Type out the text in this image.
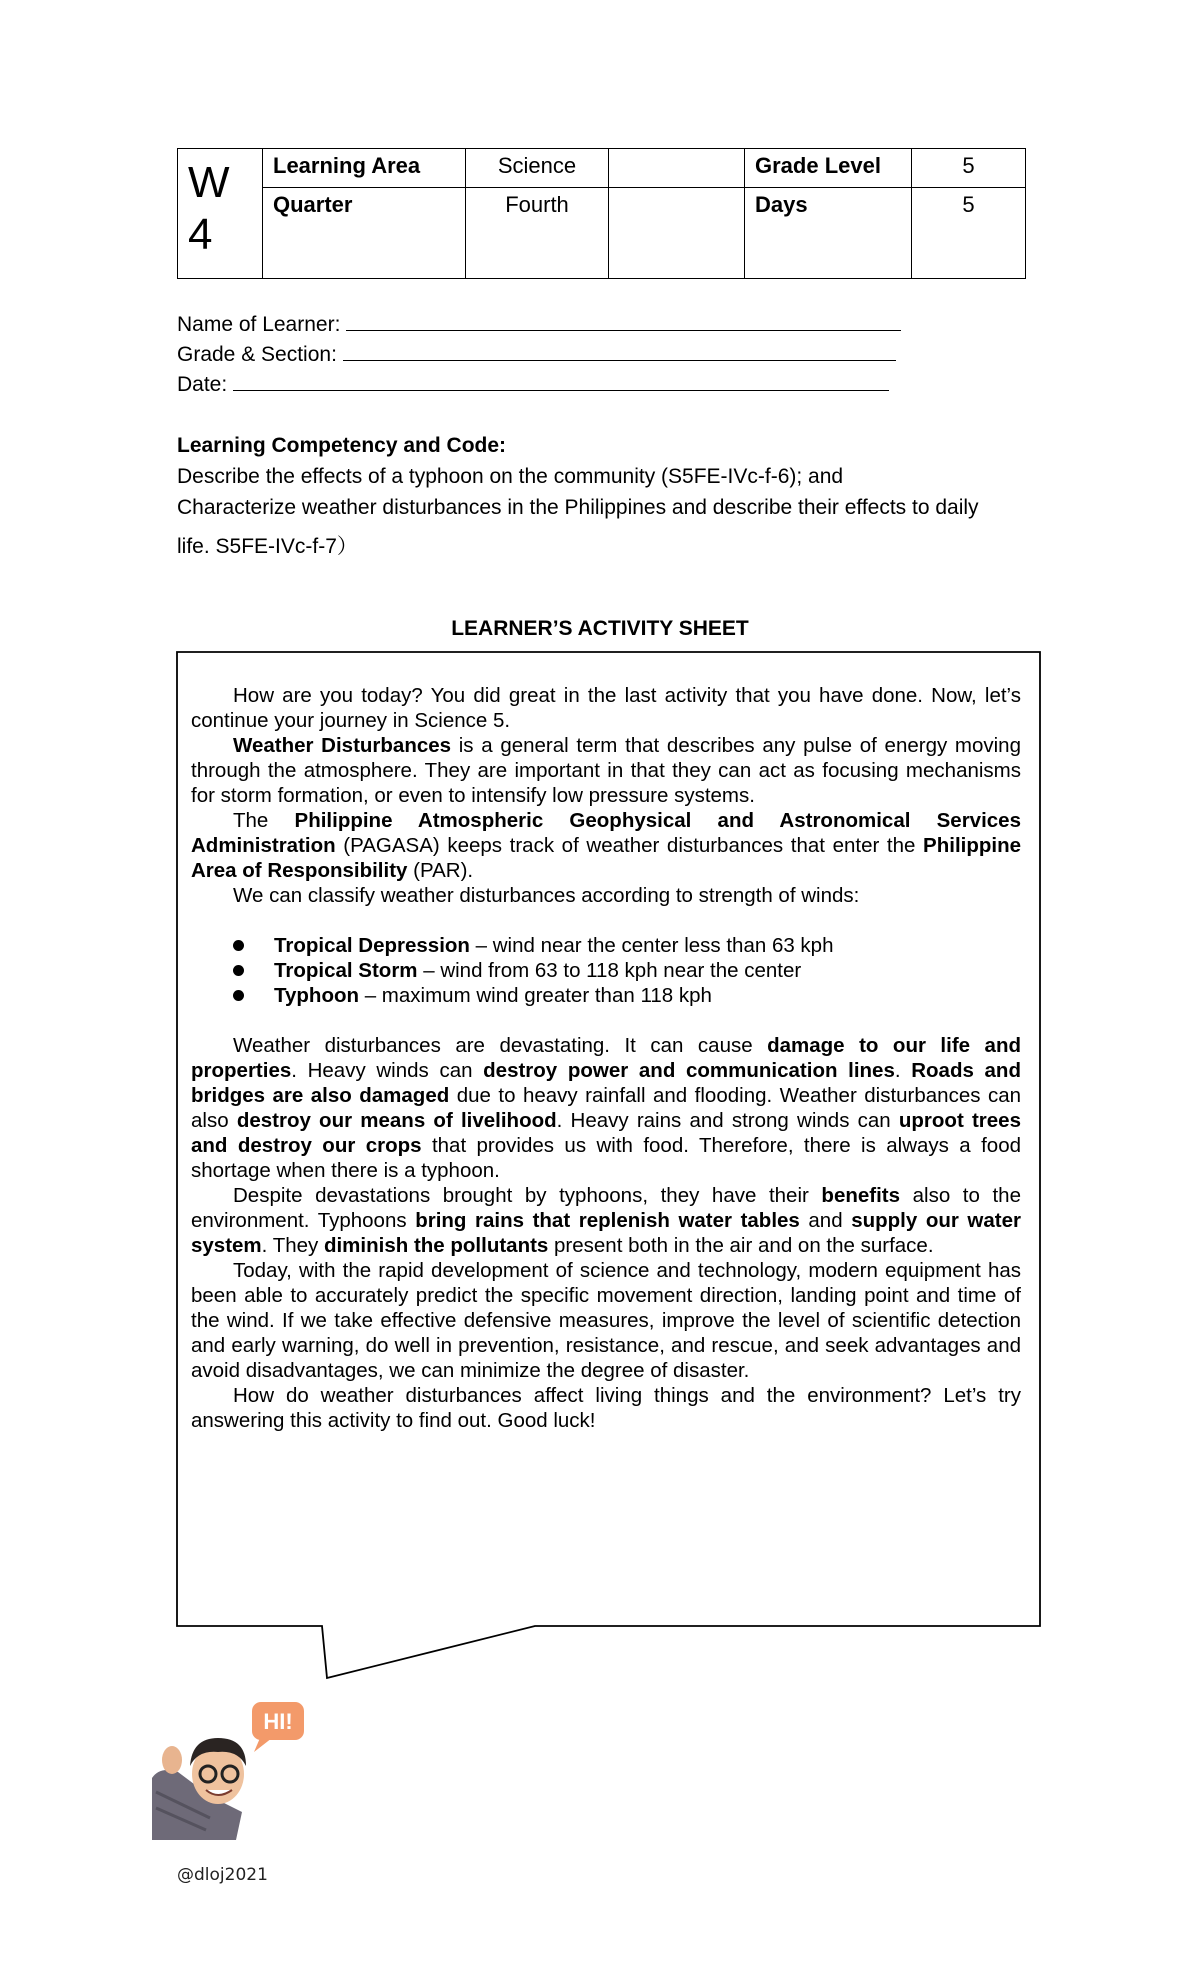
W
4	Learning Area	Science		Grade Level	5
	Quarter	Fourth		Days	5
Name of Learner:
Grade & Section:
Date:
Learning Competency and Code:
Describe the effects of a typhoon on the community (S5FE-IVc-f-6); and
Characterize weather disturbances in the Philippines and describe their effects to daily
life. S5FE-IVc-f-7）
LEARNER’S ACTIVITY SHEET

How are you today? You did great in the last activity that you have done. Now, let’s continue your journey in Science 5.

Weather Disturbances is a general term that describes any pulse of energy moving through the atmosphere. They are important in that they can act as focusing mechanisms for storm formation, or even to intensify low pressure systems.

The Philippine Atmospheric Geophysical and Astronomical Services Administration (PAGASA) keeps track of weather disturbances that enter the Philippine Area of Responsibility (PAR).

We can classify weather disturbances according to strength of winds:

Tropical Depression – wind near the center less than 63 kph
Tropical Storm – wind from 63 to 118 kph near the center
Typhoon – maximum wind greater than 118 kph

Weather disturbances are devastating. It can cause damage to our life and properties. Heavy winds can destroy power and communication lines. Roads and bridges are also damaged due to heavy rainfall and flooding. Weather disturbances can also destroy our means of livelihood. Heavy rains and strong winds can uproot trees and destroy our crops that provides us with food. Therefore, there is always a food shortage when there is a typhoon.

Despite devastations brought by typhoons, they have their benefits also to the environment. Typhoons bring rains that replenish water tables and supply our water system. They diminish the pollutants present both in the air and on the surface.

Today, with the rapid development of science and technology, modern equipment has been able to accurately predict the specific movement direction, landing point and time of the wind. If we take effective defensive measures, improve the level of scientific detection and early warning, do well in prevention, resistance, and rescue, and seek advantages and avoid disadvantages, we can minimize the degree of disaster.

How do weather disturbances affect living things and the environment? Let’s try answering this activity to find out. Good luck!

HI!
@dloj2021
